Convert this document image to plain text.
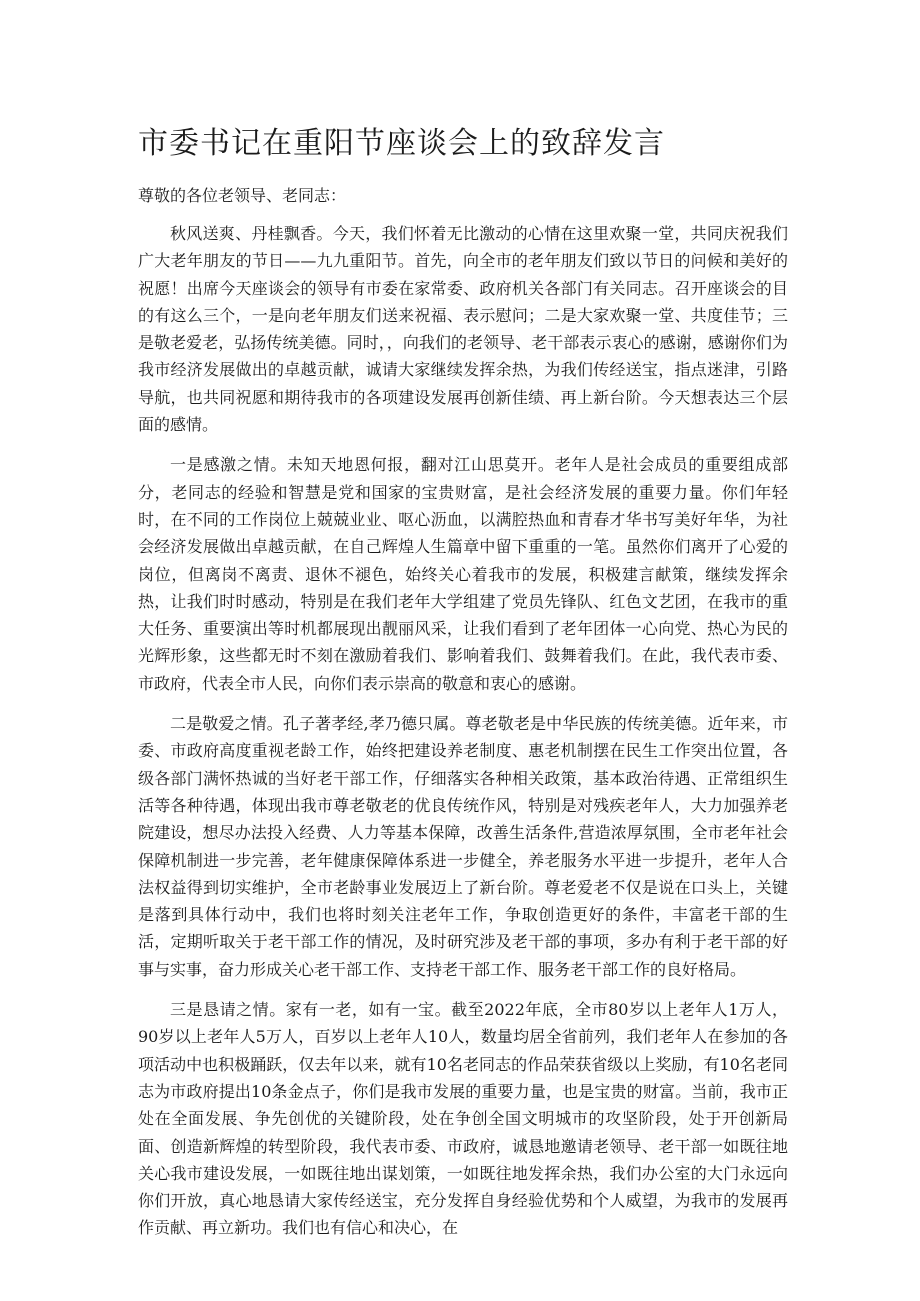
市委书记在重阳节座谈会上的致辞发言
尊敬的各位老领导、老同志：

秋风送爽、丹桂飘香。今天，我们怀着无比激动的心情在这里欢聚一堂，共同庆祝我们广大老年朋友的节日——九九重阳节。首先，向全市的老年朋友们致以节日的问候和美好的祝愿！出席今天座谈会的领导有市委在家常委、政府机关各部门有关同志。召开座谈会的目的有这么三个，一是向老年朋友们送来祝福、表示慰问；二是大家欢聚一堂、共度佳节；三是敬老爱老，弘扬传统美德。同时，，向我们的老领导、老干部表示衷心的感谢，感谢你们为我市经济发展做出的卓越贡献，诚请大家继续发挥余热，为我们传经送宝，指点迷津，引路导航，也共同祝愿和期待我市的各项建设发展再创新佳绩、再上新台阶。今天想表达三个层面的感情。

一是感激之情。未知天地恩何报，翻对江山思莫开。老年人是社会成员的重要组成部分，老同志的经验和智慧是党和国家的宝贵财富，是社会经济发展的重要力量。你们年轻时，在不同的工作岗位上兢兢业业、呕心沥血，以满腔热血和青春才华书写美好年华，为社会经济发展做出卓越贡献，在自己辉煌人生篇章中留下重重的一笔。虽然你们离开了心爱的岗位，但离岗不离责、退休不褪色，始终关心着我市的发展，积极建言献策，继续发挥余热，让我们时时感动，特别是在我们老年大学组建了党员先锋队、红色文艺团，在我市的重大任务、重要演出等时机都展现出靓丽风采，让我们看到了老年团体一心向党、热心为民的光辉形象，这些都无时不刻在激励着我们、影响着我们、鼓舞着我们。在此，我代表市委、市政府，代表全市人民，向你们表示崇高的敬意和衷心的感谢。

二是敬爱之情。孔子著孝经,孝乃德只属。尊老敬老是中华民族的传统美德。近年来，市委、市政府高度重视老龄工作，始终把建设养老制度、惠老机制摆在民生工作突出位置，各级各部门满怀热诚的当好老干部工作，仔细落实各种相关政策，基本政治待遇、正常组织生活等各种待遇，体现出我市尊老敬老的优良传统作风，特别是对残疾老年人，大力加强养老院建设，想尽办法投入经费、人力等基本保障，改善生活条件,营造浓厚氛围，全市老年社会保障机制进一步完善，老年健康保障体系进一步健全，养老服务水平进一步提升，老年人合法权益得到切实维护，全市老龄事业发展迈上了新台阶。尊老爱老不仅是说在口头上，关键是落到具体行动中，我们也将时刻关注老年工作，争取创造更好的条件，丰富老干部的生活，定期听取关于老干部工作的情况，及时研究涉及老干部的事项，多办有利于老干部的好事与实事，奋力形成关心老干部工作、支持老干部工作、服务老干部工作的良好格局。

三是恳请之情。家有一老，如有一宝。截至2022年底，全市80岁以上老年人1万人，90岁以上老年人5万人，百岁以上老年人10人，数量均居全省前列，我们老年人在参加的各项活动中也积极踊跃，仅去年以来，就有10名老同志的作品荣获省级以上奖励，有10名老同志为市政府提出10条金点子，你们是我市发展的重要力量，也是宝贵的财富。当前，我市正处在全面发展、争先创优的关键阶段，处在争创全国文明城市的攻坚阶段，处于开创新局面、创造新辉煌的转型阶段，我代表市委、市政府，诚恳地邀请老领导、老干部一如既往地关心我市建设发展，一如既往地出谋划策，一如既往地发挥余热，我们办公室的大门永远向你们开放，真心地恳请大家传经送宝，充分发挥自身经验优势和个人威望，为我市的发展再作贡献、再立新功。我们也有信心和决心，在
